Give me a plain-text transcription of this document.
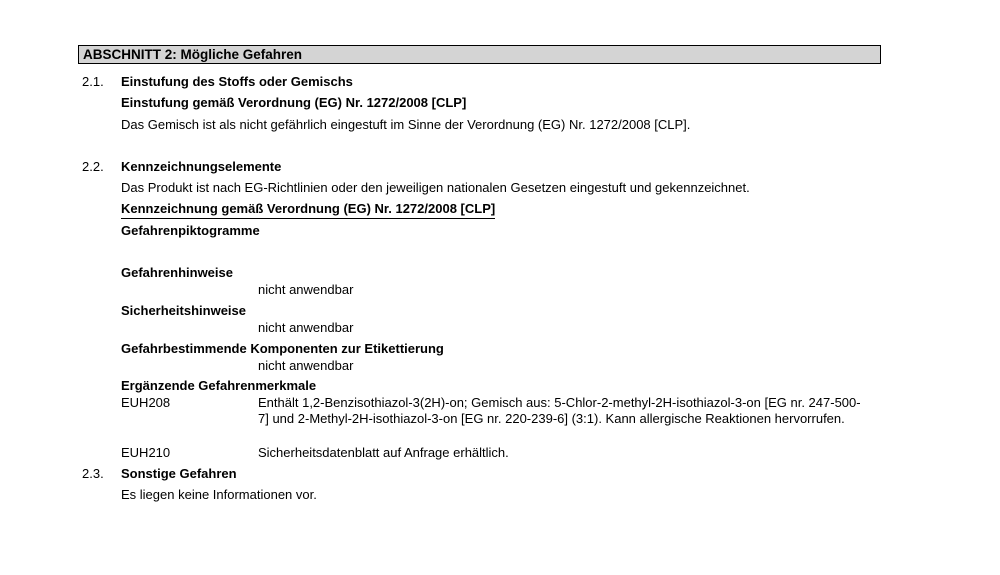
ABSCHNITT 2: Mögliche Gefahren
2.1. Einstufung des Stoffs oder Gemischs
Einstufung gemäß Verordnung (EG) Nr. 1272/2008 [CLP]
Das Gemisch ist als nicht gefährlich eingestuft im Sinne der Verordnung (EG) Nr. 1272/2008 [CLP].
2.2. Kennzeichnungselemente
Das Produkt ist nach EG-Richtlinien oder den jeweiligen nationalen Gesetzen eingestuft und gekennzeichnet.
Kennzeichnung gemäß Verordnung (EG) Nr. 1272/2008 [CLP]
Gefahrenpiktogramme
Gefahrenhinweise
nicht anwendbar
Sicherheitshinweise
nicht anwendbar
Gefahrbestimmende Komponenten zur Etikettierung
nicht anwendbar
Ergänzende Gefahrenmerkmale
EUH208	Enthält 1,2-Benzisothiazol-3(2H)-on; Gemisch aus: 5-Chlor-2-methyl-2H-isothiazol-3-on [EG nr. 247-500-7] und 2-Methyl-2H-isothiazol-3-on [EG nr. 220-239-6] (3:1). Kann allergische Reaktionen hervorrufen.
EUH210	Sicherheitsdatenblatt auf Anfrage erhältlich.
2.3. Sonstige Gefahren
Es liegen keine Informationen vor.
